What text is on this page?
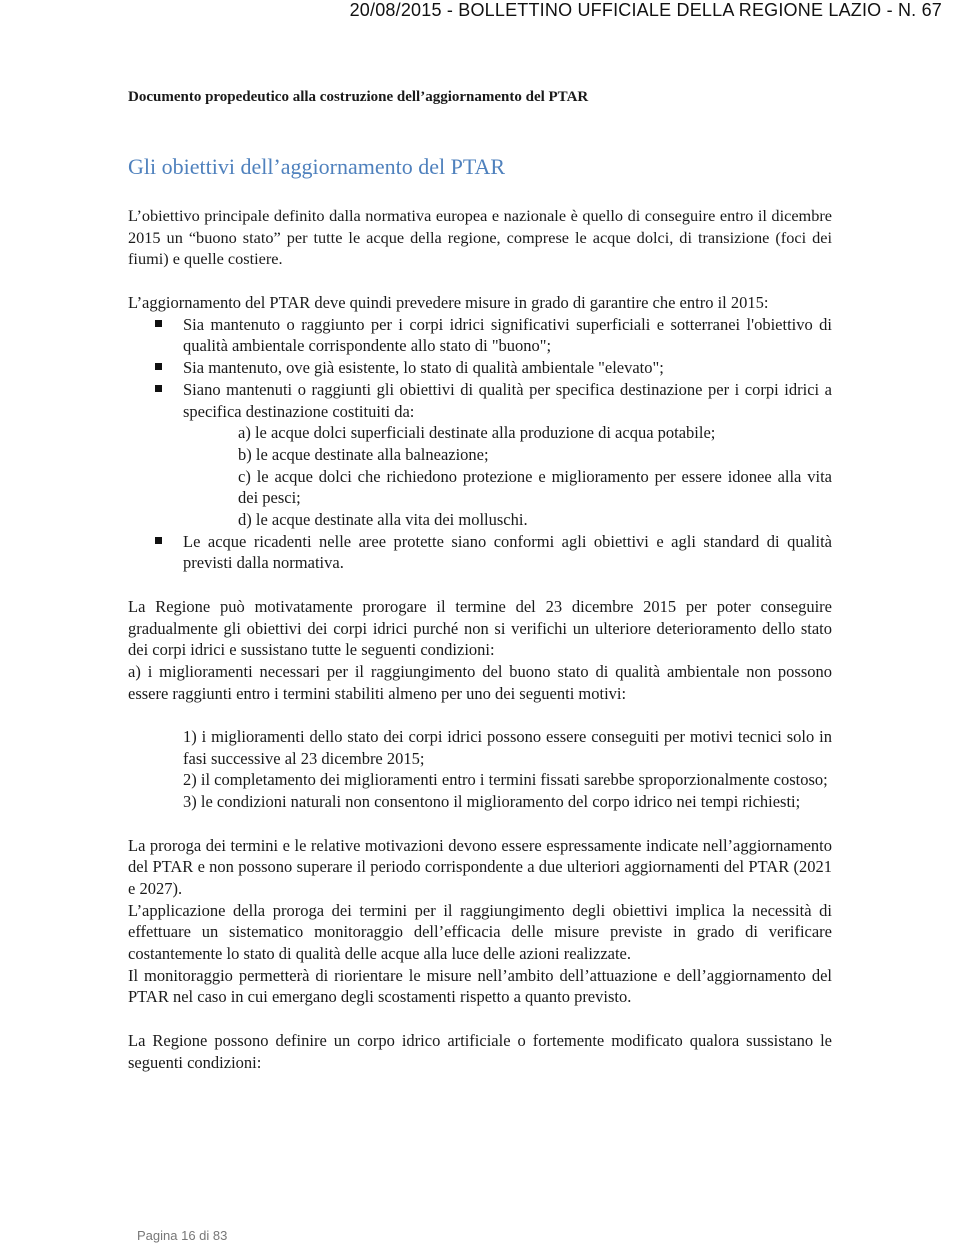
20/08/2015 - BOLLETTINO UFFICIALE DELLA REGIONE LAZIO - N. 67
Documento propedeutico alla costruzione dell’aggiornamento del PTAR
Gli obiettivi dell’aggiornamento del PTAR

L’obiettivo principale definito dalla normativa europea e nazionale è quello di conseguire entro il dicembre 2015 un “buono stato” per tutte le acque della regione, comprese le acque dolci, di transizione (foci dei fiumi) e quelle costiere.

L’aggiornamento del PTAR deve quindi prevedere misure in grado di garantire che entro il 2015:

Sia mantenuto o raggiunto per i corpi idrici significativi superficiali e sotterranei l'obiettivo di qualità ambientale corrispondente allo stato di "buono";
Sia mantenuto, ove già esistente, lo stato di qualità ambientale "elevato";
Siano mantenuti o raggiunti gli obiettivi di qualità per specifica destinazione per i corpi idrici a specifica destinazione costituiti da:
a) le acque dolci superficiali destinate alla produzione di acqua potabile;
b) le acque destinate alla balneazione;
c) le acque dolci che richiedono protezione e miglioramento per essere idonee alla vita dei pesci;
d) le acque destinate alla vita dei molluschi.
Le acque ricadenti nelle aree protette siano conformi agli obiettivi e agli standard di qualità previsti dalla normativa.

La Regione può motivatamente prorogare il termine del 23 dicembre 2015 per poter conseguire gradualmente gli obiettivi dei corpi idrici purché non si verifichi un ulteriore deterioramento dello stato dei corpi idrici e sussistano tutte le seguenti condizioni:

a) i miglioramenti necessari per il raggiungimento del buono stato di qualità ambientale non possono essere raggiunti entro i termini stabiliti almeno per uno dei seguenti motivi:

1) i miglioramenti dello stato dei corpi idrici possono essere conseguiti per motivi tecnici solo in fasi successive al 23 dicembre 2015;
2) il completamento dei miglioramenti entro i termini fissati sarebbe sproporzionalmente costoso;
3) le condizioni naturali non consentono il miglioramento del corpo idrico nei tempi richiesti;

La proroga dei termini e le relative motivazioni devono essere espressamente indicate nell’aggiornamento del PTAR e non possono superare il periodo corrispondente a due ulteriori aggiornamenti del PTAR (2021 e 2027).

L’applicazione della proroga dei termini per il raggiungimento degli obiettivi implica la necessità di effettuare un sistematico monitoraggio dell’efficacia delle misure previste in grado di verificare costantemente lo stato di qualità delle acque alla luce delle azioni realizzate.

Il monitoraggio permetterà di riorientare le misure nell’ambito dell’attuazione e dell’aggiornamento del PTAR nel caso in cui emergano degli scostamenti rispetto a quanto previsto.

La Regione possono definire un corpo idrico artificiale o fortemente modificato qualora sussistano le seguenti condizioni:

Pagina 16 di 83
